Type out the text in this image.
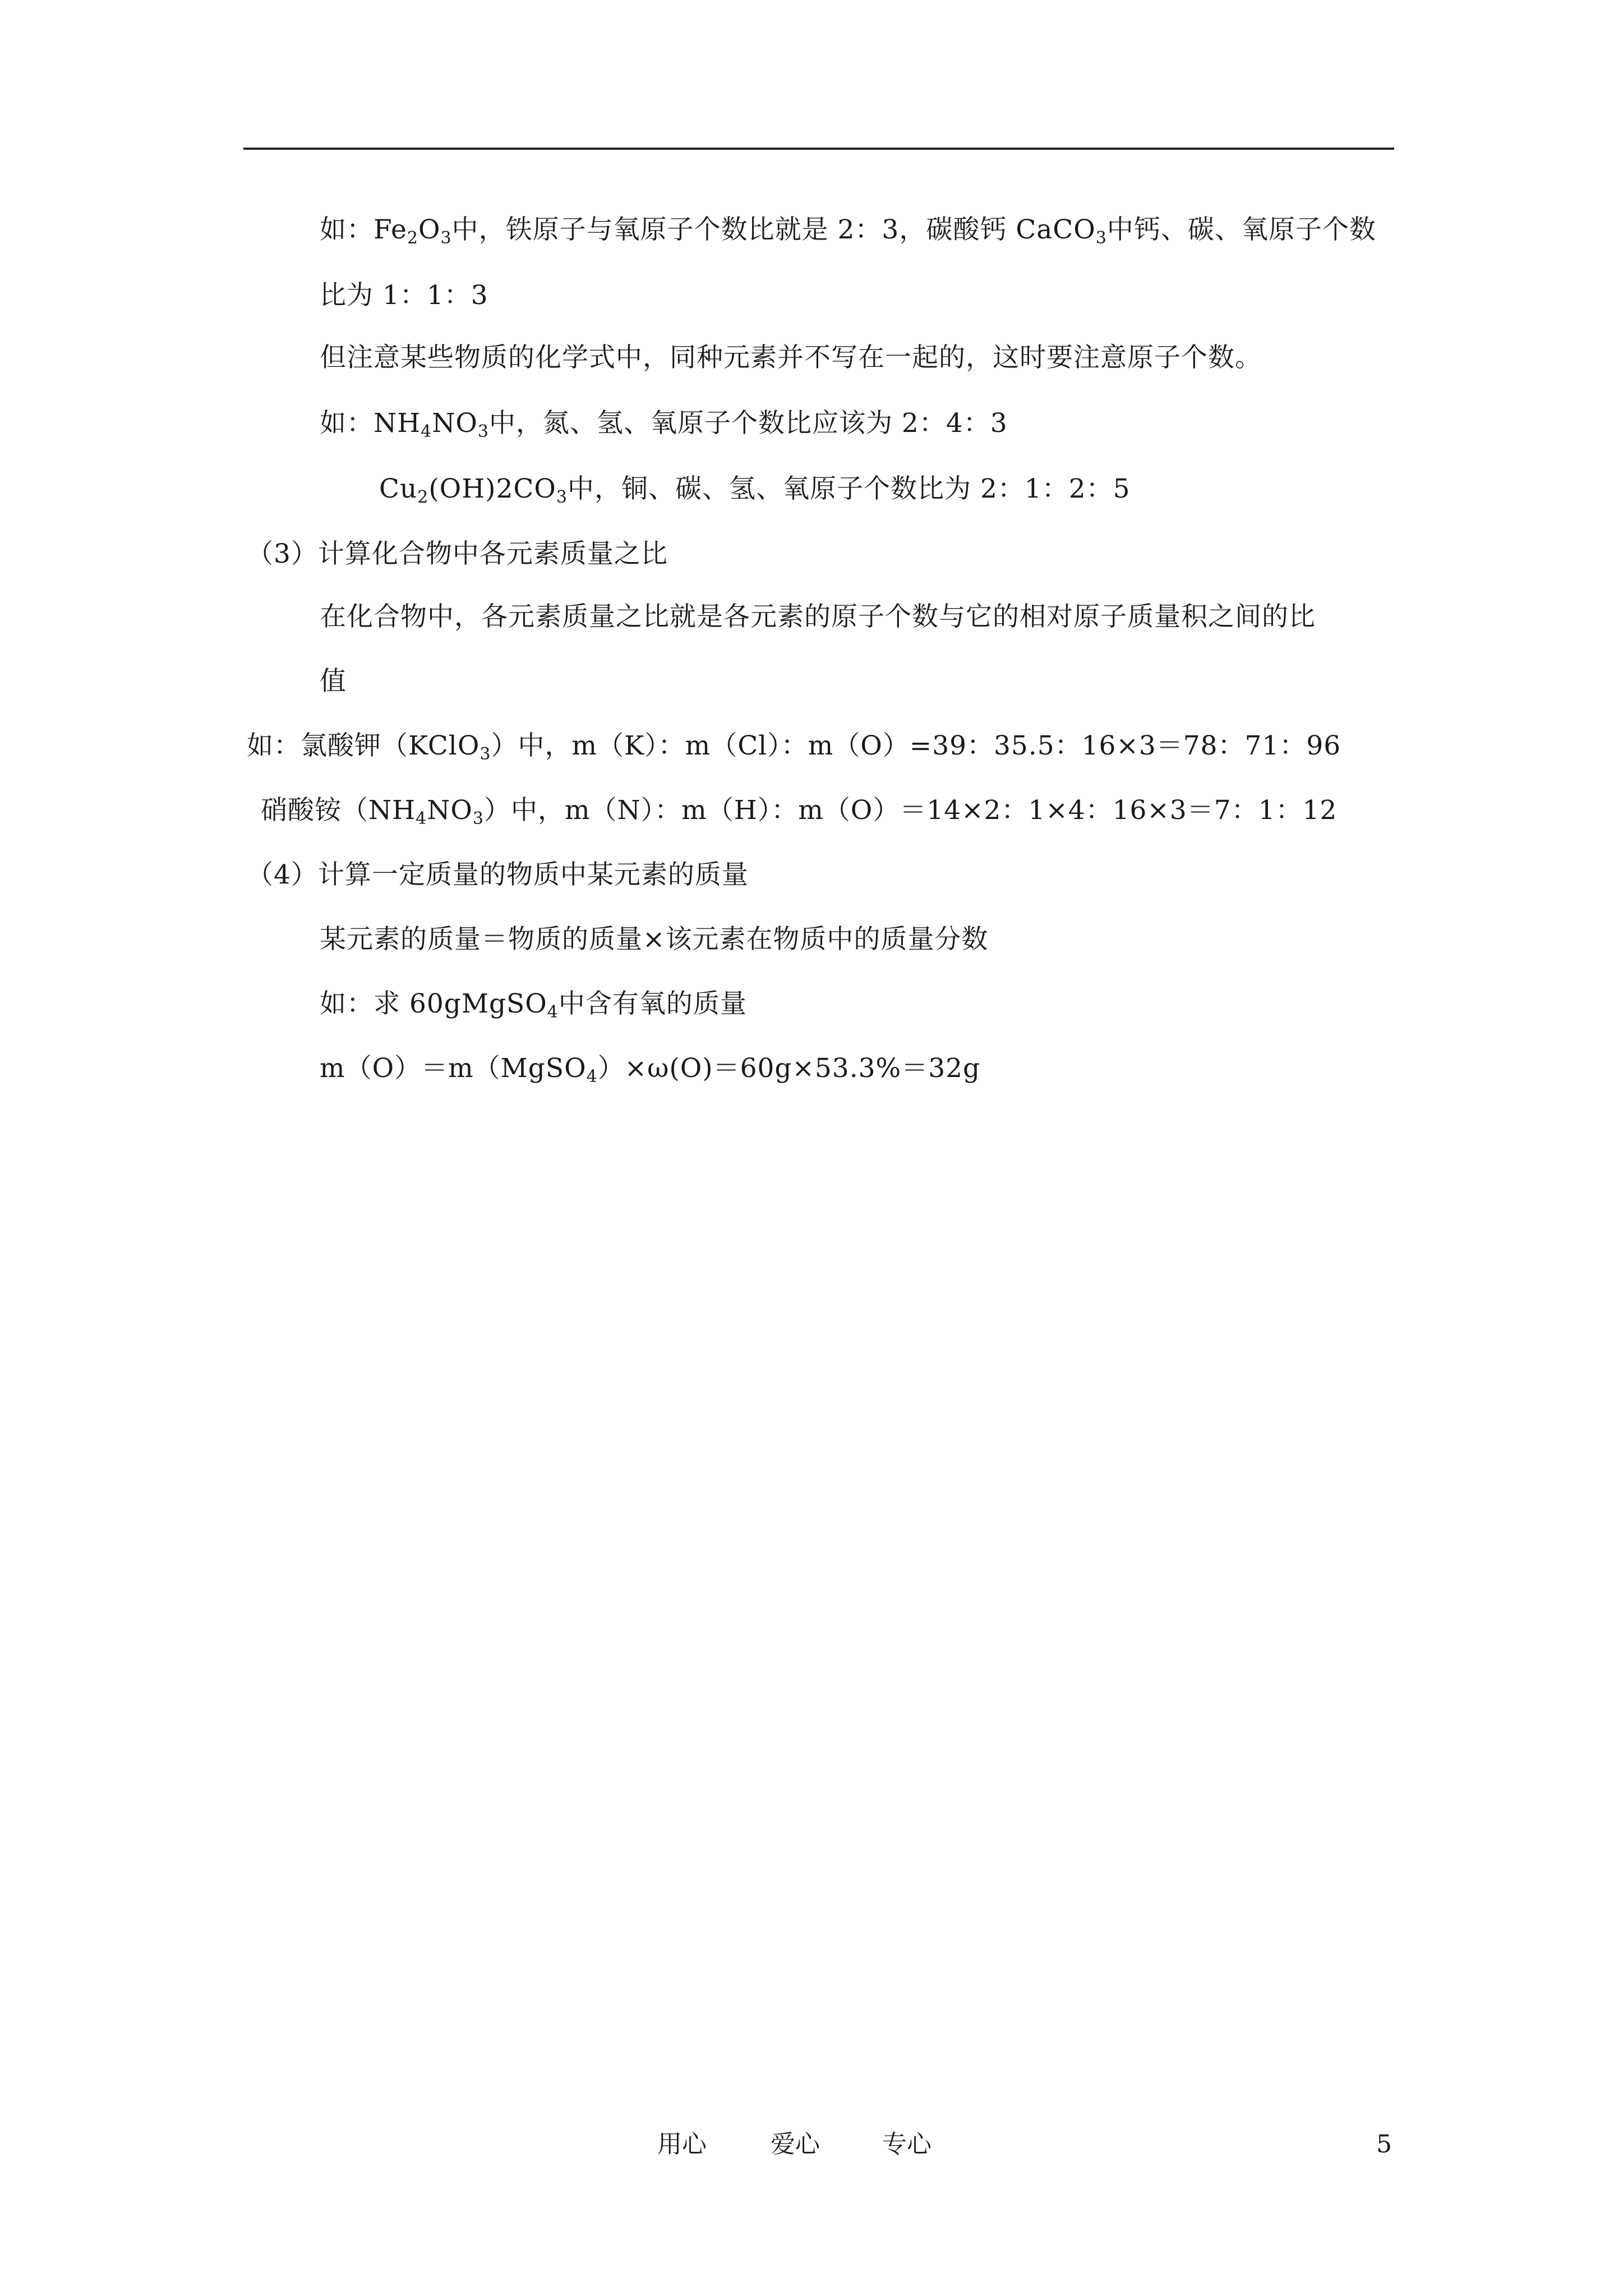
如：$Fe_2O_3$中，铁原子与氧原子个数比就是 2：3，碳酸钙 CaCO$_3$中钙、碳、氧原子个数
比为 1：1：3
但注意某些物质的化学式中，同种元素并不写在一起的，这时要注意原子个数。
如：$NH_4NO_3$中，氮、氢、氧原子个数比应该为 2：4：3
$Cu_2(OH)2CO_3$中，铜、碳、氢、氧原子个数比为 2：1：2：5
（3）计算化合物中各元素质量之比
在化合物中，各元素质量之比就是各元素的原子个数与它的相对原子质量积之间的比
值
如：氯酸钾（KClO$_3$）中，m（K）：m（Cl）：m（O）=39：35.5：16×3＝78：71：96
硝酸铵$(NH_4NO_3)$中，m（N）：m（H）：m（O）＝14×2：1×4：16×3＝7：1：12
（4）计算一定质量的物质中某元素的质量
某元素的质量＝物质的质量×该元素在物质中的质量分数
如：求 60gMgSO$_4$中含有氧的质量
m（O）＝m（MgSO$_4$）×ω(O)＝60g×53.3%＝32g
用心	爱心	专心	5
